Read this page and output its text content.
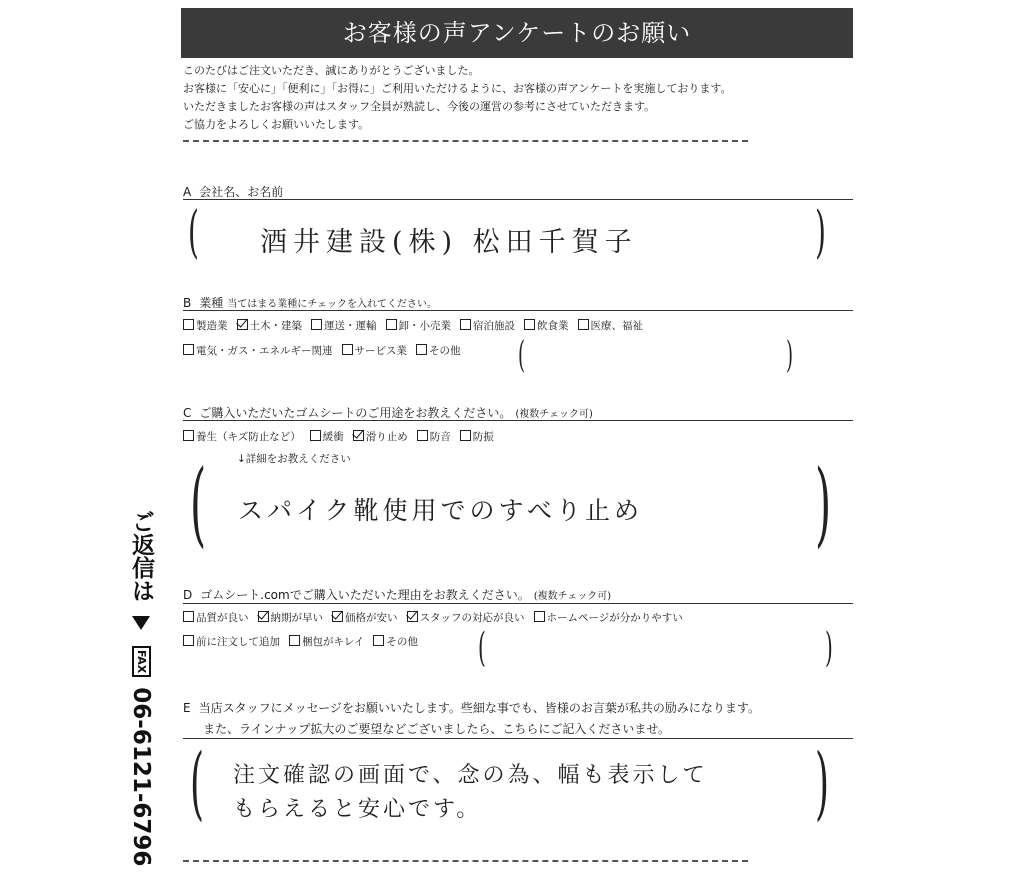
お客様の声アンケートのお願い
このたびはご注文いただき、誠にありがとうございました。
お客様に「安心に」「便利に」「お得に」ご利用いただけるように、お客様の声アンケートを実施しております。
いただきましたお客様の声はスタッフ全員が熟読し、今後の運営の参考にさせていただきます。
ご協力をよろしくお願いいたします。
A 会社名、お名前
(	)
酒井建設(株) 松田千賀子
B 業種 当てはまる業種にチェックを入れてください。
製造業 土木・建築 運送・運輸 卸・小売業 宿泊施設 飲食業 医療、福祉
電気・ガス・エネルギー関連 サービス業 その他 (	)
C ご購入いただいたゴムシートのご用途をお教えください。 (複数チェック可)
養生（キズ防止など） 緩衝 滑り止め 防音 防振
↓詳細をお教えください
(	)
スパイク靴使用でのすべり止め
D ゴムシート.comでご購入いただいた理由をお教えください。 (複数チェック可)
品質が良い 納期が早い 価格が安い スタッフの対応が良い ホームページが分かりやすい
前に注文して追加 梱包がキレイ その他 (	)
E 当店スタッフにメッセージをお願いいたします。些細な事でも、皆様のお言葉が私共の励みになります。
また、ラインナップ拡大のご要望などございましたら、こちらにご記入くださいませ。
(	)
注文確認の画面で、念の為、幅も表示して
もらえると安心です。
ご返信は  FAX 06-6121-6796
